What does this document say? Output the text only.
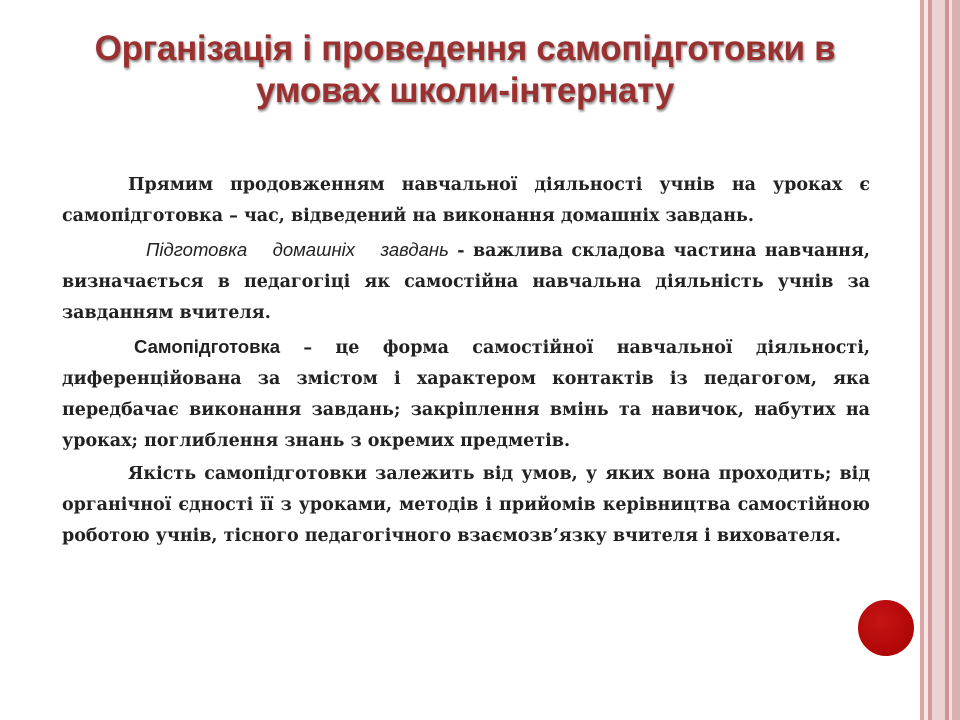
Організація і проведення самопідготовки в
умовах школи-інтернату

Прямим продовженням навчальної діяльності учнів на уроках є самопідготовка – час, відведений на виконання домашніх завдань.

Підготовка домашніх завдань - важлива складова частина навчання, визначається в педагогіці як самостійна навчальна діяльність учнів за завданням вчителя.

Самопідготовка – це форма самостійної навчальної діяльності, диференційована за змістом і характером контактів із педагогом, яка передбачає виконання завдань; закріплення вмінь та навичок, набутих на уроках; поглиблення знань з окремих предметів.

Якість самопідготовки залежить від умов, у яких вона проходить; від органічної єдності її з уроками, методів і прийомів керівництва самостійною роботою учнів, тісного педагогічного взаємозв’язку вчителя і вихователя.
